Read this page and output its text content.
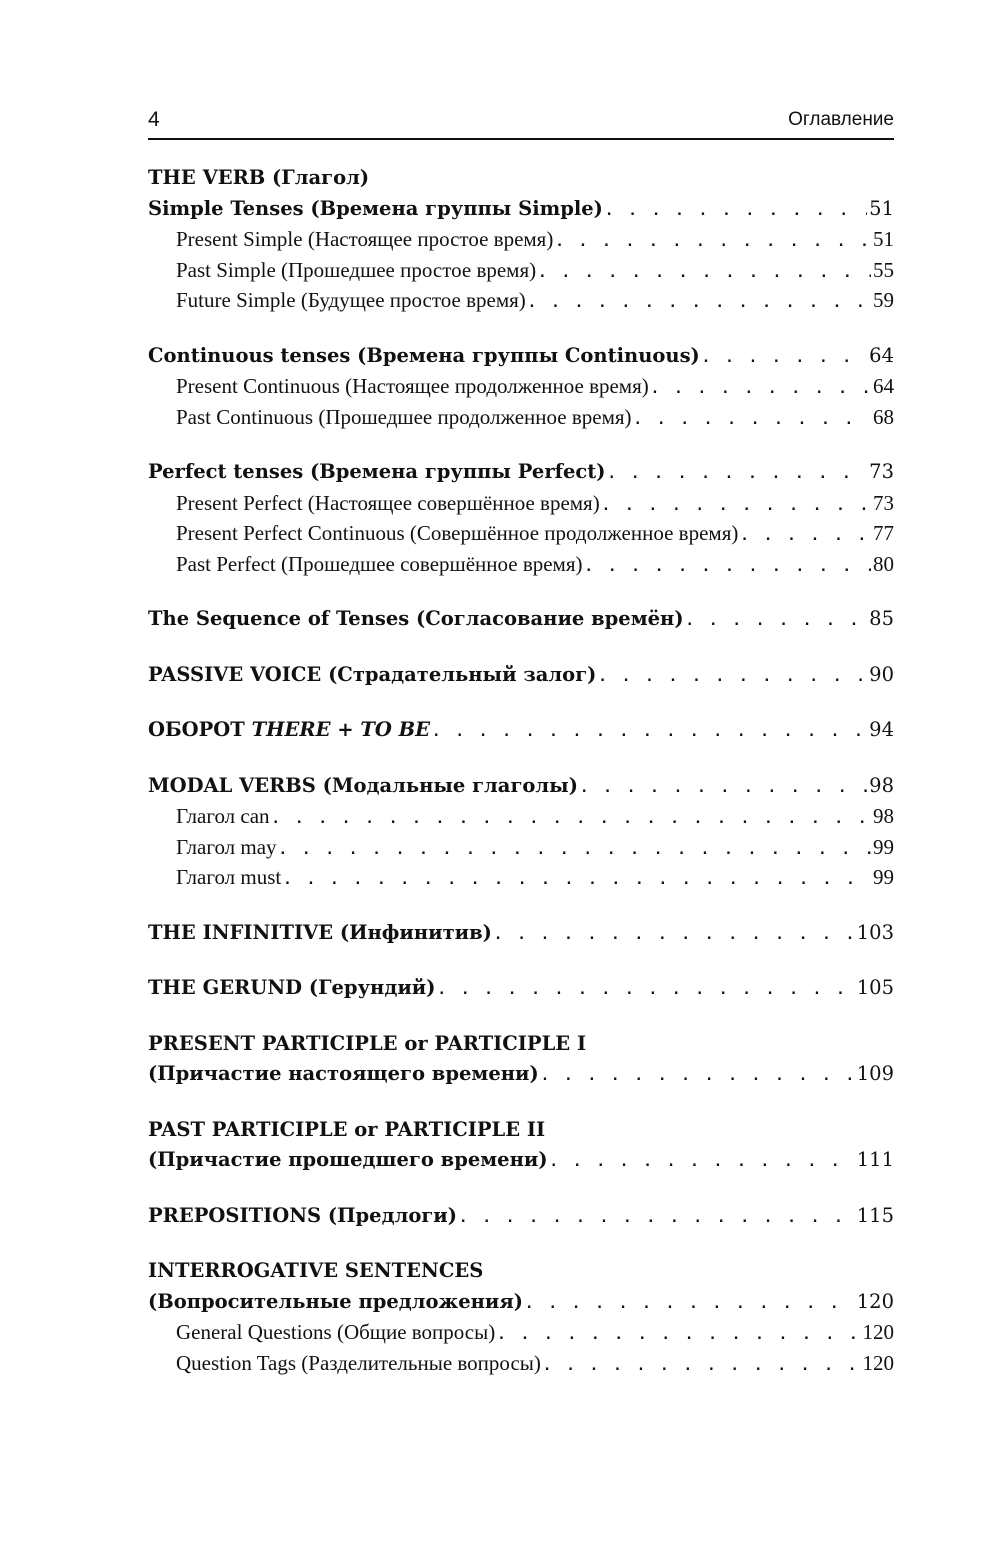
4	Оглавление
THE VERB (Глагол)
Simple Tenses (Времена группы Simple) . . .	51
Present Simple (Настоящее простое время) . . .	51
Past Simple (Прошедшее простое время) . . .	55
Future Simple (Будущее простое время) . . .	59
Continuous tenses (Времена группы Continuous) . . .	64
Present Continuous (Настоящее продолженное время) . . .	64
Past Continuous (Прошедшее продолженное время) . . .	68
Perfect tenses (Времена группы Perfect) . . .	73
Present Perfect (Настоящее совершённое время) . . .	73
Present Perfect Continuous (Совершённое продолженное время) . . .	77
Past Perfect (Прошедшее совершённое время) . . .	80
The Sequence of Tenses (Согласование времён) . . .	85
PASSIVE VOICE (Страдательный залог) . . .	90
ОБОРОТ THERE + TO BE . . .	94
MODAL VERBS (Модальные глаголы) . . .	98
Глагол can . . .	98
Глагол may . . .	99
Глагол must . . .	99
THE INFINITIVE (Инфинитив) . . .	103
THE GERUND (Герундий) . . .	105
PRESENT PARTICIPLE or PARTICIPLE I
(Причастие настоящего времени) . . .	109
PAST PARTICIPLE or PARTICIPLE II
(Причастие прошедшего времени) . . .	111
PREPOSITIONS (Предлоги) . . .	115
INTERROGATIVE SENTENCES
(Вопросительные предложения) . . .	120
General Questions (Общие вопросы) . . .	120
Question Tags (Разделительные вопросы) . . .	120
